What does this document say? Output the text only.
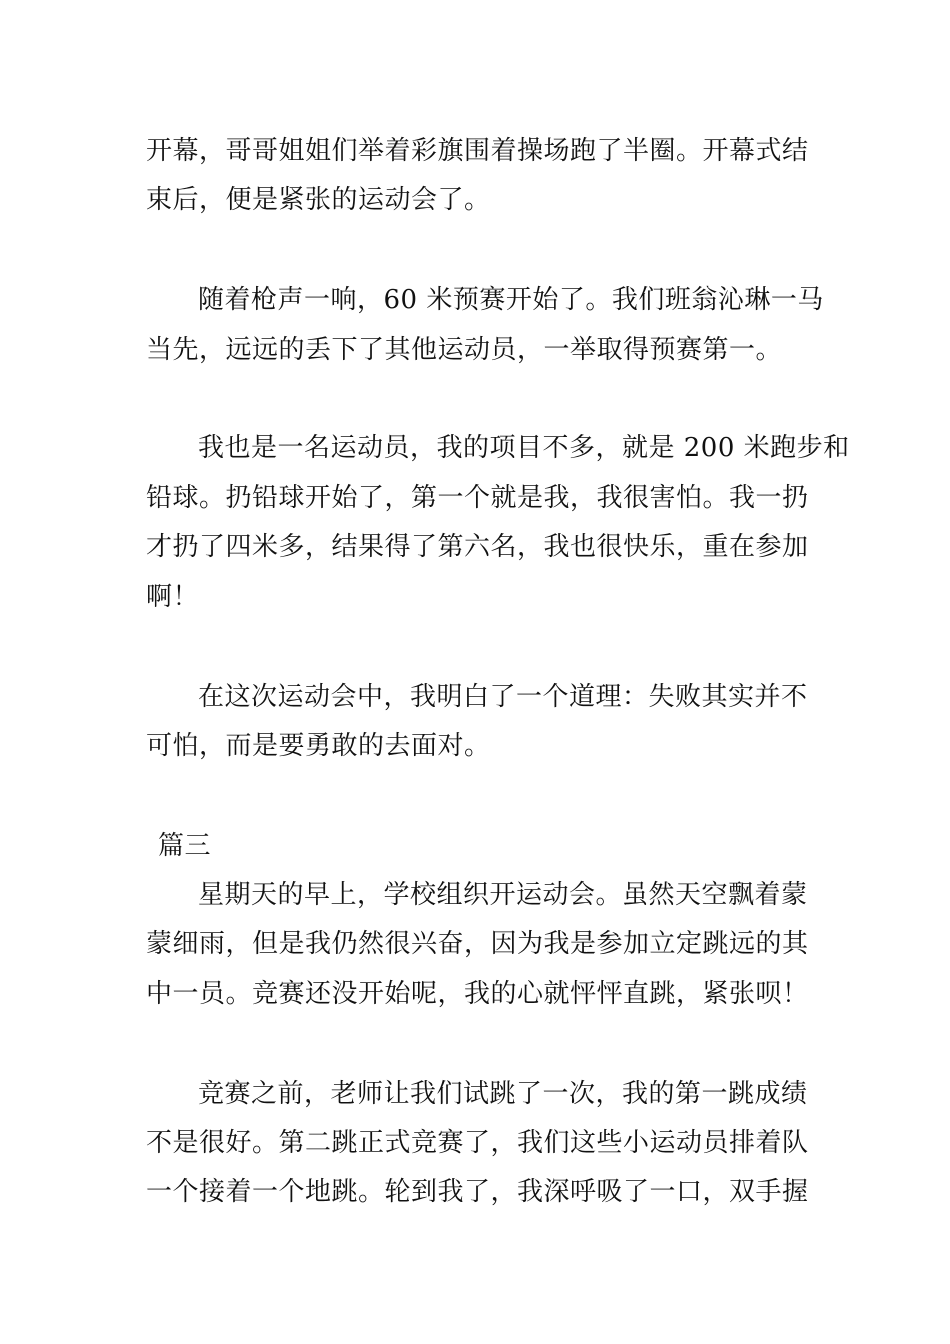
开幕，哥哥姐姐们举着彩旗围着操场跑了半圈。开幕式结
束后，便是紧张的运动会了。
随着枪声一响，60 米预赛开始了。我们班翁沁琳一马
当先，远远的丢下了其他运动员，一举取得预赛第一。
我也是一名运动员，我的项目不多，就是 200 米跑步和
铅球。扔铅球开始了，第一个就是我，我很害怕。我一扔
才扔了四米多，结果得了第六名，我也很快乐，重在参加
啊！
在这次运动会中，我明白了一个道理：失败其实并不
可怕，而是要勇敢的去面对。
篇三
星期天的早上，学校组织开运动会。虽然天空飘着蒙
蒙细雨，但是我仍然很兴奋，因为我是参加立定跳远的其
中一员。竞赛还没开始呢，我的心就怦怦直跳，紧张呗！
竞赛之前，老师让我们试跳了一次，我的第一跳成绩
不是很好。第二跳正式竞赛了，我们这些小运动员排着队
一个接着一个地跳。轮到我了，我深呼吸了一口，双手握
